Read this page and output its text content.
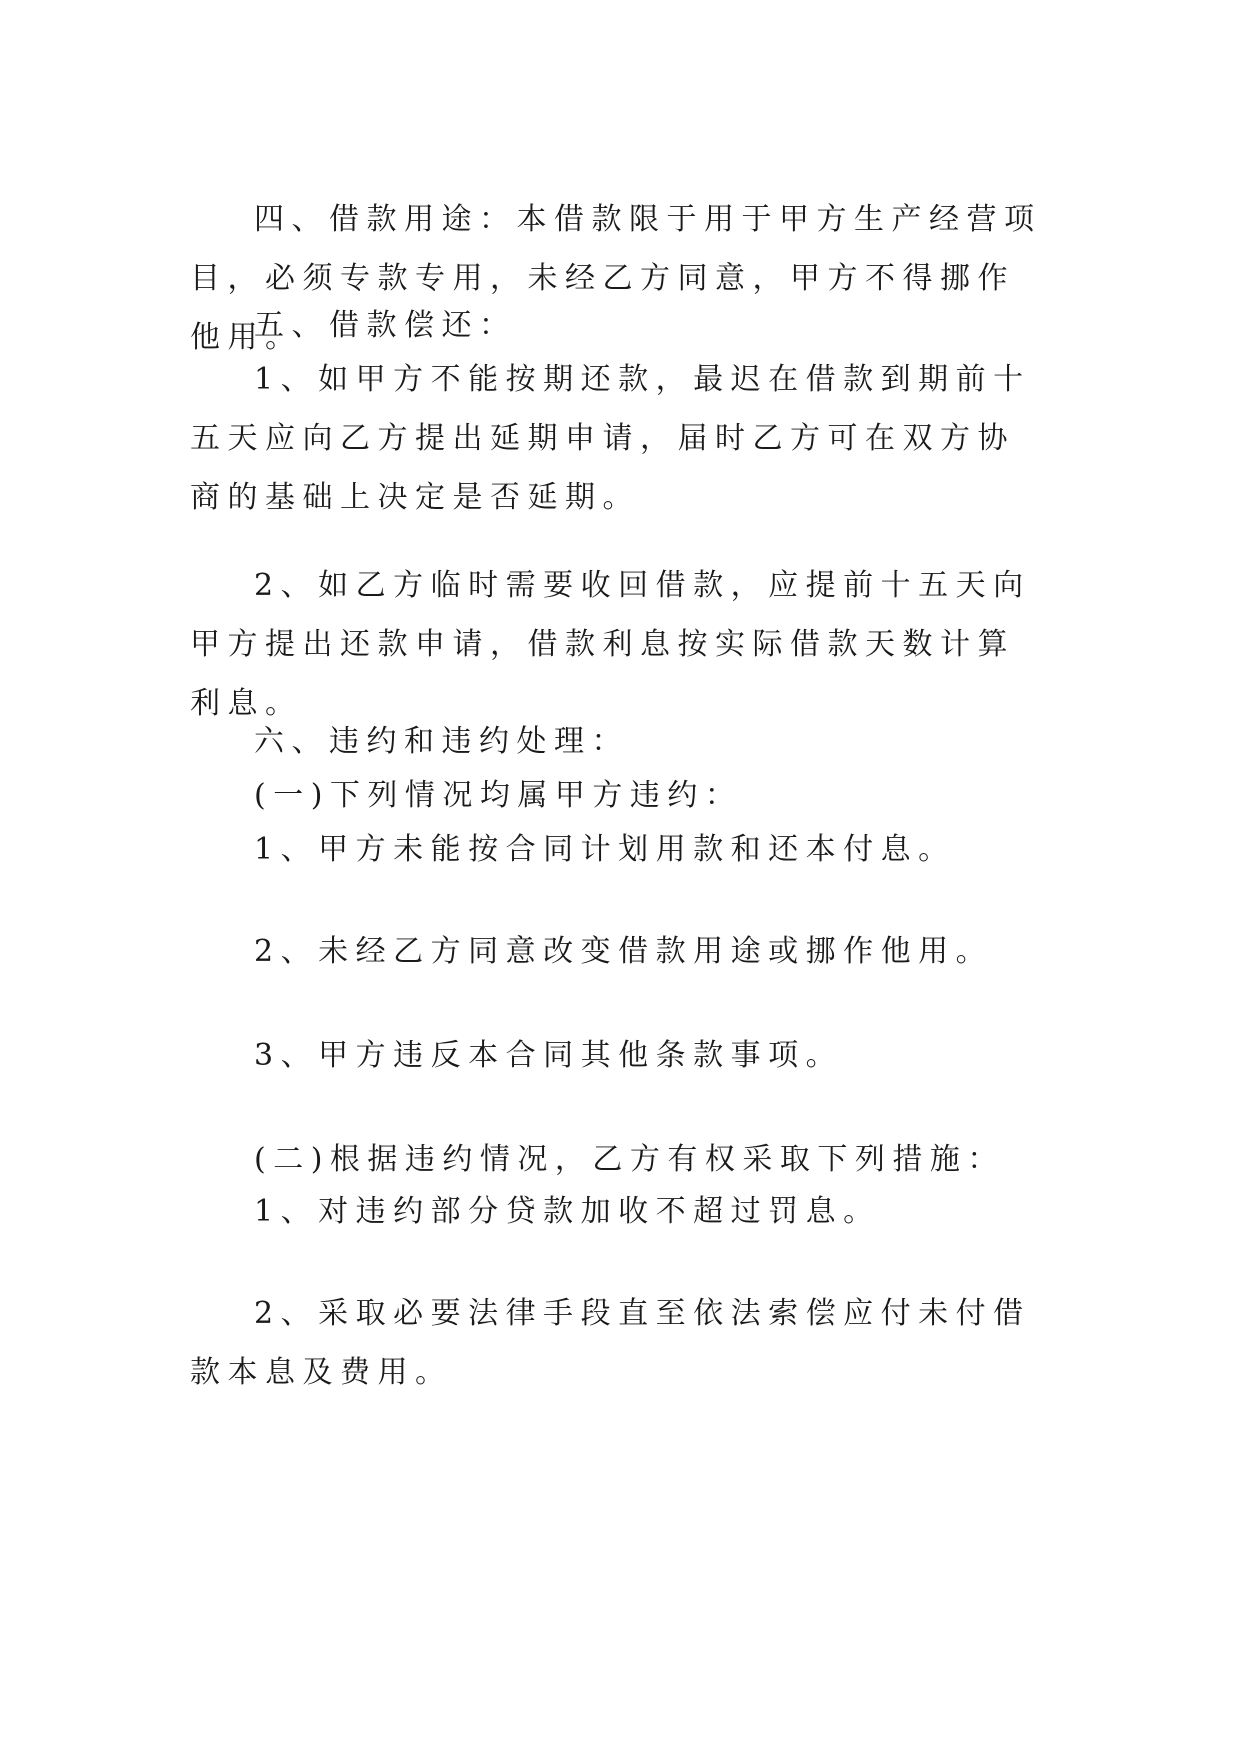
四、借款用途：本借款限于用于甲方生产经营项目，必须专款专用，未经乙方同意，甲方不得挪作他用。
五、借款偿还：
1、如甲方不能按期还款，最迟在借款到期前十五天应向乙方提出延期申请，届时乙方可在双方协商的基础上决定是否延期。
2、如乙方临时需要收回借款，应提前十五天向甲方提出还款申请，借款利息按实际借款天数计算利息。
六、违约和违约处理：
(一)下列情况均属甲方违约：
1、甲方未能按合同计划用款和还本付息。
2、未经乙方同意改变借款用途或挪作他用。
3、甲方违反本合同其他条款事项。
(二)根据违约情况，乙方有权采取下列措施：
1、对违约部分贷款加收不超过罚息。
2、采取必要法律手段直至依法索偿应付未付借款本息及费用。
